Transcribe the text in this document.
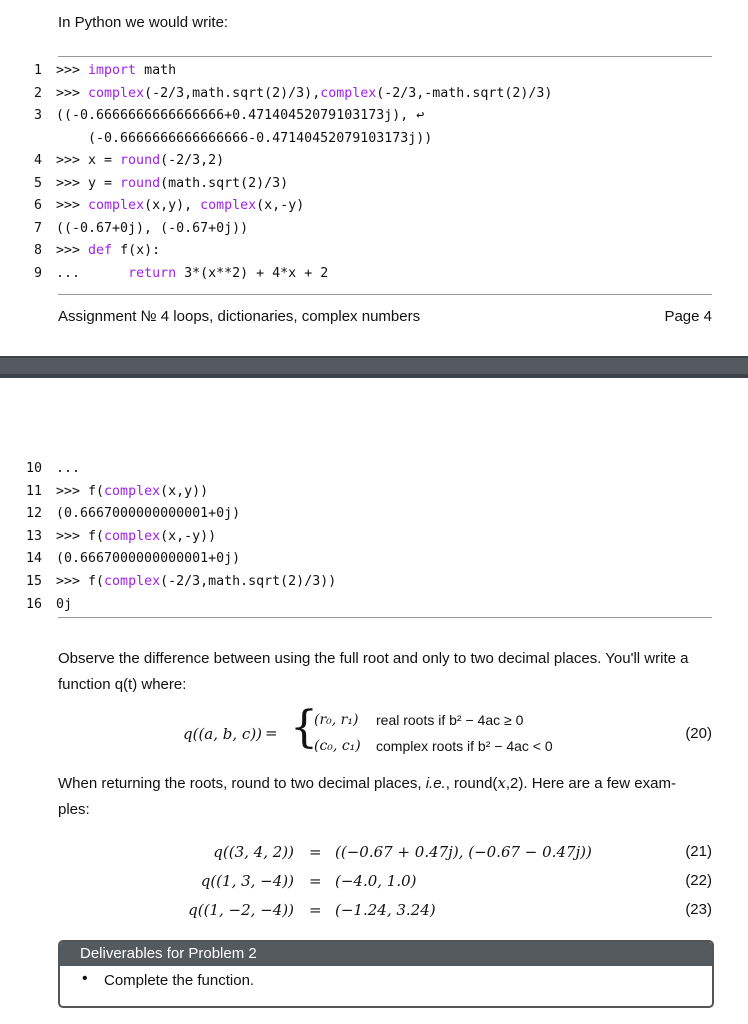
In Python we would write:
1 >>> import math
2 >>> complex(-2/3,math.sqrt(2)/3),complex(-2/3,-math.sqrt(2)/3)
3 ((-0.6666666666666666+0.47140452079103173j), ↩
(-0.6666666666666666-0.47140452079103173j))
4 >>> x = round(-2/3,2)
5 >>> y = round(math.sqrt(2)/3)
6 >>> complex(x,y), complex(x,-y)
7 ((-0.67+0j), (-0.67+0j))
8 >>> def f(x):
9 ...      return 3*(x**2) + 4*x + 2
Assignment № 4 loops, dictionaries, complex numbers	Page 4
10 ...
11 >>> f(complex(x,y))
12 (0.6667000000000001+0j)
13 >>> f(complex(x,-y))
14 (0.6667000000000001+0j)
15 >>> f(complex(-2/3,math.sqrt(2)/3))
16 0j
Observe the difference between using the full root and only to two decimal places. You'll write a function q(t) where:
q((a, b, c)) = {
(r₀, r₁) real roots if b² − 4ac ≥ 0
(c₀, c₁) complex roots if b² − 4ac < 0
(20)
When returning the roots, round to two decimal places, i.e., round(x,2). Here are a few exam-
ples:
q((3, 4, 2)) = ((−0.67 + 0.47j), (−0.67 − 0.47j))	(21)
q((1, 3, −4)) = (−4.0, 1.0)	(22)
q((1, −2, −4)) = (−1.24, 3.24)	(23)
Deliverables for Problem 2
• Complete the function.
